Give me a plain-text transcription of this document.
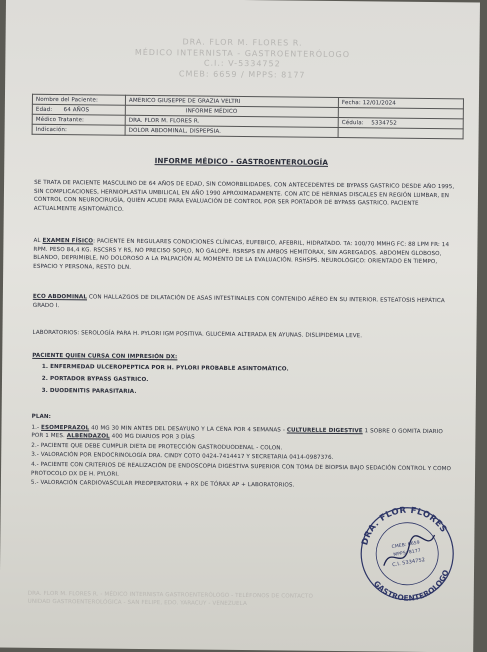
DRA. FLOR M. FLORES R.
MÉDICO INTERNISTA - GASTROENTERÓLOGO
C.I.: V-5334752
CMEB: 6659 / MPPS: 8177
Nombre del Paciente:	AMERICO GIUSEPPE DE GRAZIA VELTRI	Fecha: 12/01/2024
Edad: 64 AÑOS	INFORME MÉDICO	
Médico Tratante:	DRA. FLOR M. FLORES R.	Cédula: 5334752
Indicación:	DOLOR ABDOMINAL, DISPEPSIA.	
INFORME MÉDICO - GASTROENTEROLOGÍA
SE TRATA DE PACIENTE MASCULINO DE 64 AÑOS DE EDAD, SIN COMORBILIDADES, CON ANTECEDENTES DE BYPASS GASTRICO DESDE AÑO 1995, SIN COMPLICACIONES, HERNIOPLASTIA UMBILICAL EN AÑO 1990 APROXIMADAMENTE. CON ATC DE HERNIAS DISCALES EN REGIÓN LUMBAR, EN CONTROL CON NEUROCIRUGÍA, QUIEN ACUDE PARA EVALUACIÓN DE CONTROL POR SER PORTADOR DE BYPASS GASTRICO. PACIENTE ACTUALMENTE ASINTOMÁTICO.
AL EXAMEN FÍSICO: PACIENTE EN REGULARES CONDICIONES CLÍNICAS, EUFEBICO, AFEBRIL, HIDRATADO. TA: 100/70 MMHG FC: 88 LPM FR: 14 RPM. PESO 84,4 KG. RSCSRS Y RS, NO PRECISO SOPLO, NO GALOPE. RSRSPS EN AMBOS HEMITORAX, SIN AGREGADOS. ABDOMEN GLOBOSO, BLANDO, DEPRIMIBLE, NO DOLOROSO A LA PALPACIÓN AL MOMENTO DE LA EVALUACIÓN. RSHSPS. NEUROLÓGICO: ORIENTADO EN TIEMPO, ESPACIO Y PERSONA, RESTO DLN.
ECO ABDOMINAL CON HALLAZGOS DE DILATACIÓN DE ASAS INTESTINALES CON CONTENIDO AÉREO EN SU INTERIOR. ESTEATOSIS HEPÁTICA GRADO I.
LABORATORIOS: SEROLOGÍA PARA H. PYLORI IGM POSITIVA. GLUCEMIA ALTERADA EN AYUNAS. DISLIPIDEMIA LEVE.
PACIENTE QUIEN CURSA CON IMPRESIÓN DX:
1. ENFERMEDAD ULCEROPEPTICA POR H. PYLORI PROBABLE ASINTOMÁTICO.
2. PORTADOR BYPASS GASTRICO.
3. DUODENITIS PARASITARIA.
PLAN:
1.- ESOMEPRAZOL 40 MG 30 MIN ANTES DEL DESAYUNO Y LA CENA POR 4 SEMANAS - CULTURELLE DIGESTIVE 1 SOBRE O GOMITA DIARIO POR 1 MES. ALBENDAZOL 400 MG DIARIOS POR 3 DÍAS
2.- PACIENTE QUE DEBE CUMPLIR DIETA DE PROTECCIÓN GASTRODUODENAL - COLON.
3.- VALORACIÓN POR ENDOCRINOLOGÍA DRA. CINDY COTO 0424-7414417 Y SECRETARIA 0414-0987376.
4.- PACIENTE CON CRITERIOS DE REALIZACIÓN DE ENDOSCOPIA DIGESTIVA SUPERIOR CON TOMA DE BIOPSIA BAJO SEDACIÓN CONTROL Y COMO PROTOCOLO DX DE H. PYLORI.
5.- VALORACIÓN CARDIOVASCULAR PREOPERATORIA + RX DE TÓRAX AP + LABORATORIOS.
DRA. FLOR FLORES
GASTROENTEROLOGO
CMEB: 6659
MPPS: 8177
C.I. 5334752
DRA. FLOR M. FLORES R. - MÉDICO INTERNISTA GASTROENTERÓLOGO - TELÉFONOS DE CONTACTO
UNIDAD GASTROENTEROLÓGICA - SAN FELIPE, EDO. YARACUY - VENEZUELA
